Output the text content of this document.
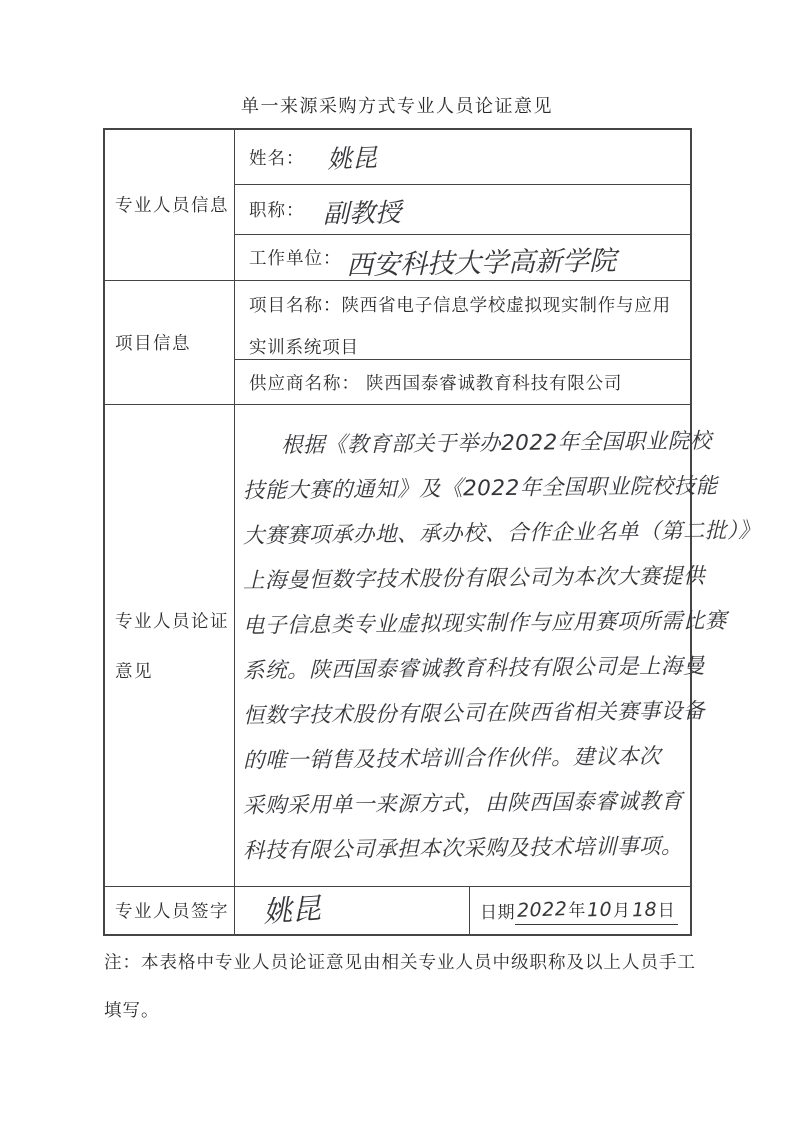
单一来源采购方式专业人员论证意见
专业人员信息
姓名： 姚昆
职称： 副教授
工作单位： 西安科技大学高新学院
项目信息
项目名称：陕西省电子信息学校虚拟现实制作与应用实训系统项目
供应商名称： 陕西国泰睿诚教育科技有限公司
专业人员论证
意见
根据《教育部关于举办2022年全国职业院校
技能大赛的通知》及《2022年全国职业院校技能
大赛赛项承办地、承办校、合作企业名单（第二批）》
上海曼恒数字技术股份有限公司为本次大赛提供
电子信息类专业虚拟现实制作与应用赛项所需比赛
系统。陕西国泰睿诚教育科技有限公司是上海曼
恒数字技术股份有限公司在陕西省相关赛事设备
的唯一销售及技术培训合作伙伴。建议本次
采购采用单一来源方式，由陕西国泰睿诚教育
科技有限公司承担本次采购及技术培训事项。
专业人员签字 姚昆	日期 2022 年 10 月 18 日
注：本表格中专业人员论证意见由相关专业人员中级职称及以上人员手工填写。
